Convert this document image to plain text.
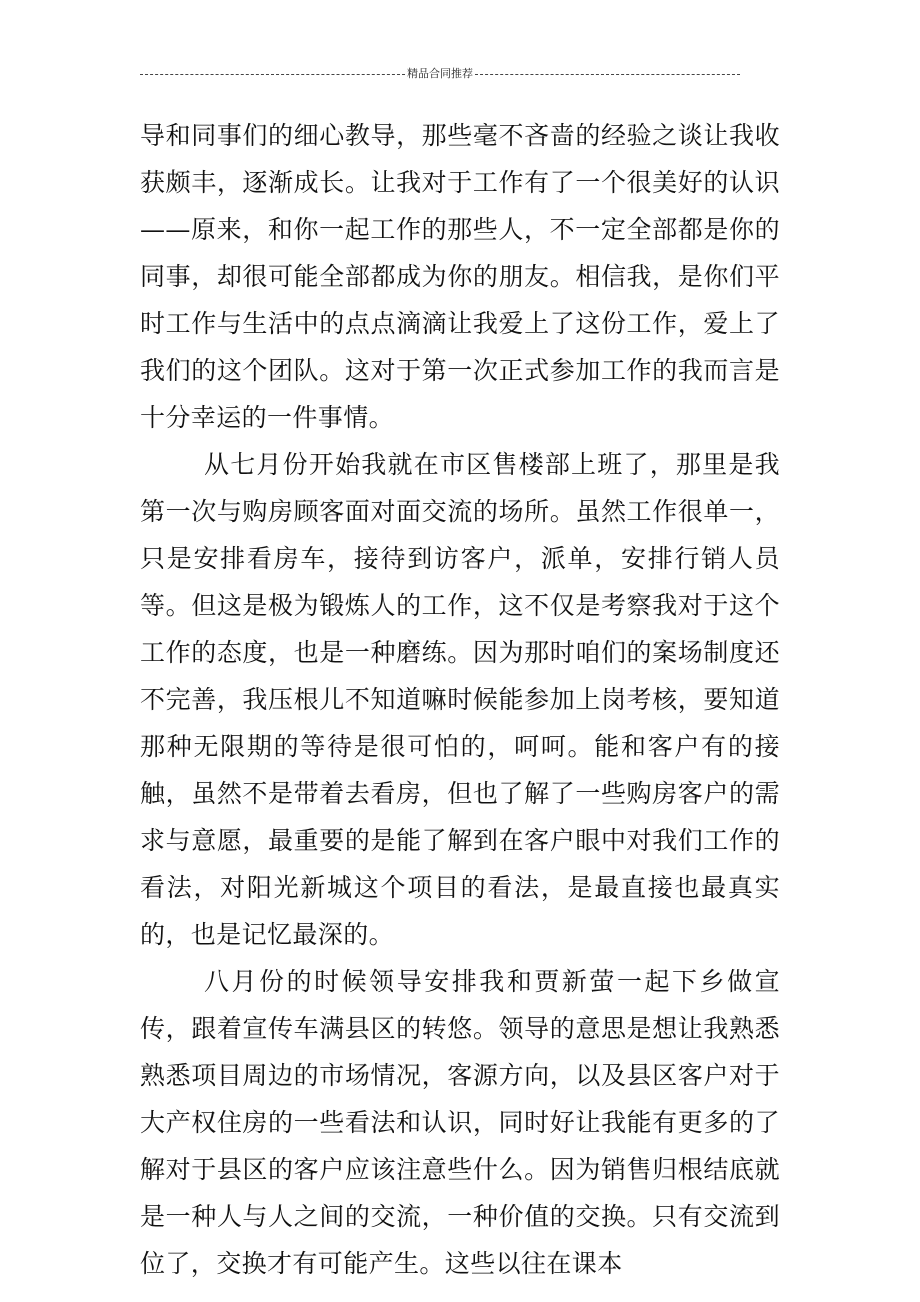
精品合同推荐

导和同事们的细心教导，那些毫不吝啬的经验之谈让我收获颇丰，逐渐成长。让我对于工作有了一个很美好的认识——原来，和你一起工作的那些人，不一定全部都是你的同事，却很可能全部都成为你的朋友。相信我，是你们平时工作与生活中的点点滴滴让我爱上了这份工作，爱上了我们的这个团队。这对于第一次正式参加工作的我而言是十分幸运的一件事情。

从七月份开始我就在市区售楼部上班了，那里是我第一次与购房顾客面对面交流的场所。虽然工作很单一，只是安排看房车，接待到访客户，派单，安排行销人员等。但这是极为锻炼人的工作，这不仅是考察我对于这个工作的态度，也是一种磨练。因为那时咱们的案场制度还不完善，我压根儿不知道嘛时候能参加上岗考核，要知道那种无限期的等待是很可怕的，呵呵。能和客户有的接触，虽然不是带着去看房，但也了解了一些购房客户的需求与意愿，最重要的是能了解到在客户眼中对我们工作的看法，对阳光新城这个项目的看法，是最直接也最真实的，也是记忆最深的。

八月份的时候领导安排我和贾新萤一起下乡做宣传，跟着宣传车满县区的转悠。领导的意思是想让我熟悉熟悉项目周边的市场情况，客源方向，以及县区客户对于大产权住房的一些看法和认识，同时好让我能有更多的了解对于县区的客户应该注意些什么。因为销售归根结底就是一种人与人之间的交流，一种价值的交换。只有交流到位了，交换才有可能产生。这些以往在课本
